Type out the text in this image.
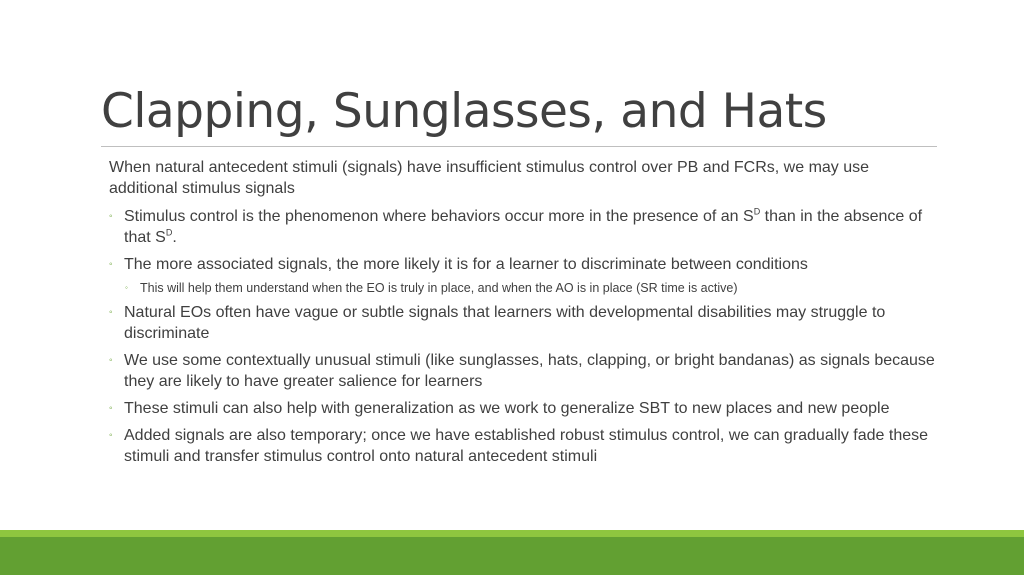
Clapping, Sunglasses, and Hats

When natural antecedent stimuli (signals) have insufficient stimulus control over PB and FCRs, we may use additional stimulus signals

◦ Stimulus control is the phenomenon where behaviors occur more in the presence of an $S^D$ than in the absence of that $S^D$.
◦ The more associated signals, the more likely it is for a learner to discriminate between conditions
◦ This will help them understand when the EO is truly in place, and when the AO is in place (SR time is active)
◦ Natural EOs often have vague or subtle signals that learners with developmental disabilities may struggle to discriminate
◦ We use some contextually unusual stimuli (like sunglasses, hats, clapping, or bright bandanas) as signals because they are likely to have greater salience for learners
◦ These stimuli can also help with generalization as we work to generalize SBT to new places and new people
◦ Added signals are also temporary; once we have established robust stimulus control, we can gradually fade these stimuli and transfer stimulus control onto natural antecedent stimuli
